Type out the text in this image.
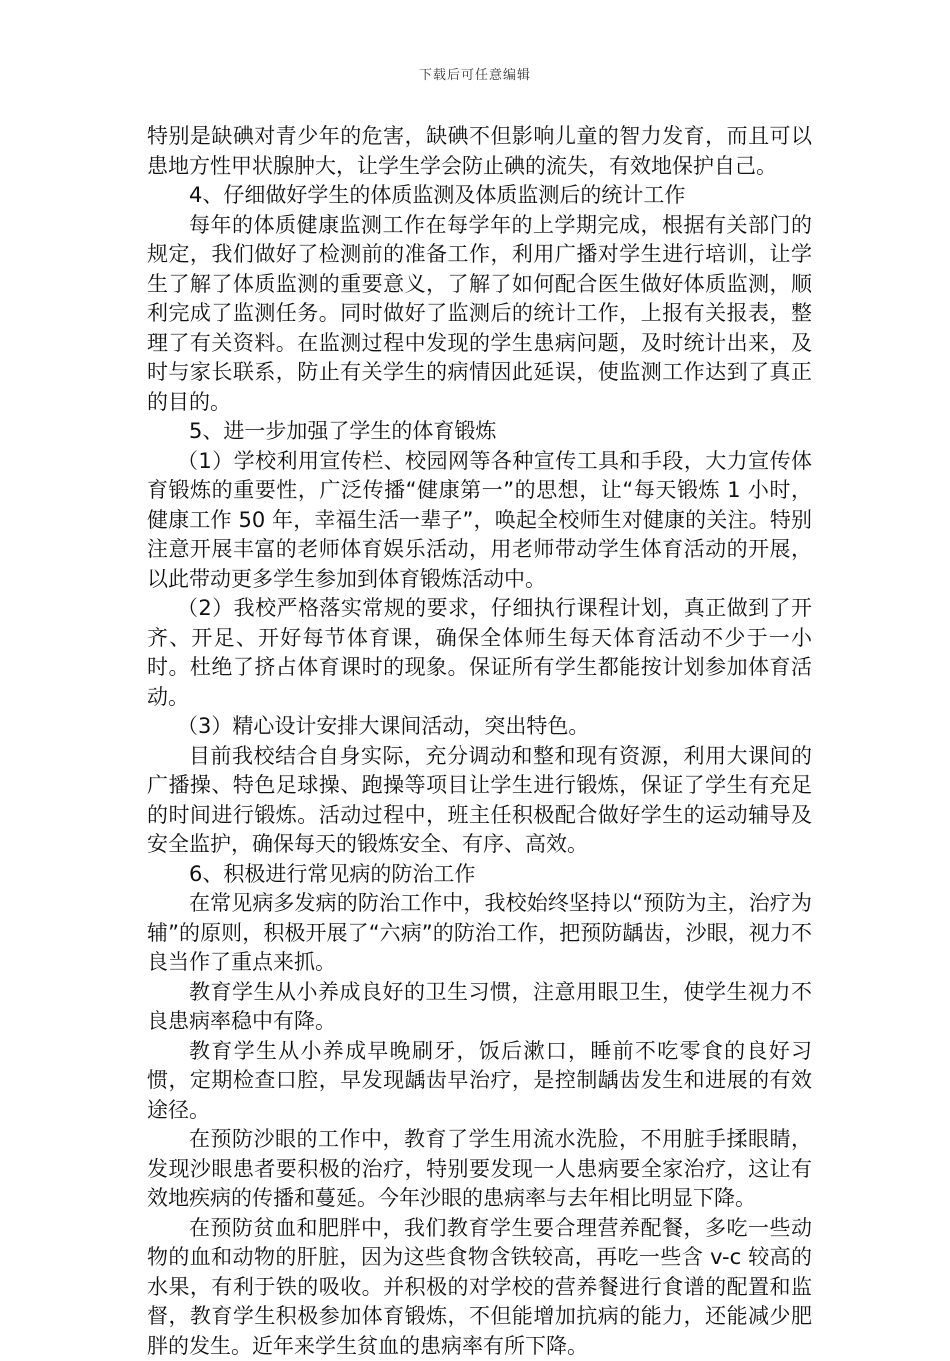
下载后可任意编辑

特别是缺碘对青少年的危害，缺碘不但影响儿童的智力发育，而且可以患地方性甲状腺肿大，让学生学会防止碘的流失，有效地保护自己。

4、仔细做好学生的体质监测及体质监测后的统计工作

每年的体质健康监测工作在每学年的上学期完成，根据有关部门的规定，我们做好了检测前的准备工作，利用广播对学生进行培训，让学生了解了体质监测的重要意义，了解了如何配合医生做好体质监测，顺利完成了监测任务。同时做好了监测后的统计工作，上报有关报表，整理了有关资料。在监测过程中发现的学生患病问题，及时统计出来，及时与家长联系，防止有关学生的病情因此延误，使监测工作达到了真正的目的。

5、进一步加强了学生的体育锻炼

（1）学校利用宣传栏、校园网等各种宣传工具和手段，大力宣传体育锻炼的重要性，广泛传播“健康第一”的思想，让“每天锻炼 1 小时，健康工作 50 年，幸福生活一辈子”，唤起全校师生对健康的关注。特别注意开展丰富的老师体育娱乐活动，用老师带动学生体育活动的开展，以此带动更多学生参加到体育锻炼活动中。

（2）我校严格落实常规的要求，仔细执行课程计划，真正做到了开齐、开足、开好每节体育课，确保全体师生每天体育活动不少于一小时。杜绝了挤占体育课时的现象。保证所有学生都能按计划参加体育活动。

（3）精心设计安排大课间活动，突出特色。

目前我校结合自身实际，充分调动和整和现有资源，利用大课间的广播操、特色足球操、跑操等项目让学生进行锻炼，保证了学生有充足的时间进行锻炼。活动过程中，班主任积极配合做好学生的运动辅导及安全监护，确保每天的锻炼安全、有序、高效。

6、积极进行常见病的防治工作

在常见病多发病的防治工作中，我校始终坚持以“预防为主，治疗为辅”的原则，积极开展了“六病”的防治工作，把预防龋齿，沙眼，视力不良当作了重点来抓。

教育学生从小养成良好的卫生习惯，注意用眼卫生，使学生视力不良患病率稳中有降。

教育学生从小养成早晚刷牙，饭后漱口，睡前不吃零食的良好习惯，定期检查口腔，早发现龋齿早治疗，是控制龋齿发生和进展的有效途径。

在预防沙眼的工作中，教育了学生用流水洗脸，不用脏手揉眼睛，发现沙眼患者要积极的治疗，特别要发现一人患病要全家治疗，这让有效地疾病的传播和蔓延。今年沙眼的患病率与去年相比明显下降。

在预防贫血和肥胖中，我们教育学生要合理营养配餐，多吃一些动物的血和动物的肝脏，因为这些食物含铁较高，再吃一些含 v-c 较高的水果，有利于铁的吸收。并积极的对学校的营养餐进行食谱的配置和监督，教育学生积极参加体育锻炼，不但能增加抗病的能力，还能减少肥胖的发生。近年来学生贫血的患病率有所下降。
